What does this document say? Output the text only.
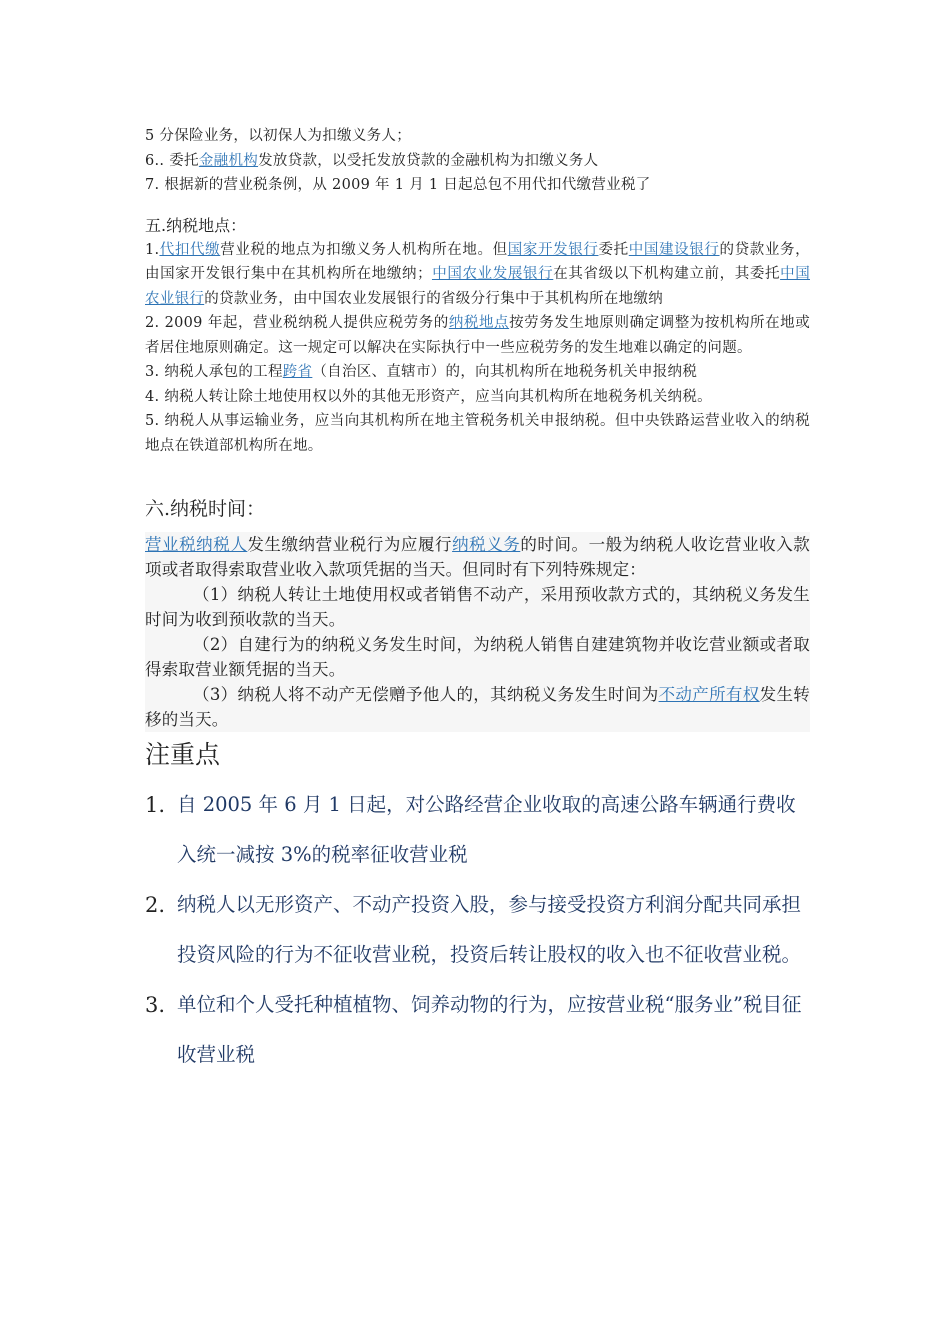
5 分保险业务，以初保人为扣缴义务人；

6.. 委托金融机构发放贷款，以受托发放贷款的金融机构为扣缴义务人

7. 根据新的营业税条例，从 2009 年 1 月 1 日起总包不用代扣代缴营业税了

五.纳税地点：

1.代扣代缴营业税的地点为扣缴义务人机构所在地。但国家开发银行委托中国建设银行的贷款业务，由国家开发银行集中在其机构所在地缴纳；中国农业发展银行在其省级以下机构建立前，其委托中国农业银行的贷款业务，由中国农业发展银行的省级分行集中于其机构所在地缴纳

2. 2009 年起，营业税纳税人提供应税劳务的纳税地点按劳务发生地原则确定调整为按机构所在地或者居住地原则确定。这一规定可以解决在实际执行中一些应税劳务的发生地难以确定的问题。

3. 纳税人承包的工程跨省（自治区、直辖市）的，向其机构所在地税务机关申报纳税

4. 纳税人转让除土地使用权以外的其他无形资产，应当向其机构所在地税务机关纳税。

5. 纳税人从事运输业务，应当向其机构所在地主管税务机关申报纳税。但中央铁路运营业收入的纳税地点在铁道部机构所在地。

六.纳税时间：

营业税纳税人发生缴纳营业税行为应履行纳税义务的时间。一般为纳税人收讫营业收入款项或者取得索取营业收入款项凭据的当天。但同时有下列特殊规定：

（1）纳税人转让土地使用权或者销售不动产，采用预收款方式的，其纳税义务发生时间为收到预收款的当天。

（2）自建行为的纳税义务发生时间，为纳税人销售自建建筑物并收讫营业额或者取得索取营业额凭据的当天。

（3）纳税人将不动产无偿赠予他人的，其纳税义务发生时间为不动产所有权发生转移的当天。

注重点

1. 自 2005 年 6 月 1 日起，对公路经营企业收取的高速公路车辆通行费收入统一减按 3%的税率征收营业税
2. 纳税人以无形资产、不动产投资入股，参与接受投资方利润分配共同承担投资风险的行为不征收营业税，投资后转让股权的收入也不征收营业税。
3. 单位和个人受托种植植物、饲养动物的行为，应按营业税“服务业”税目征收营业税
